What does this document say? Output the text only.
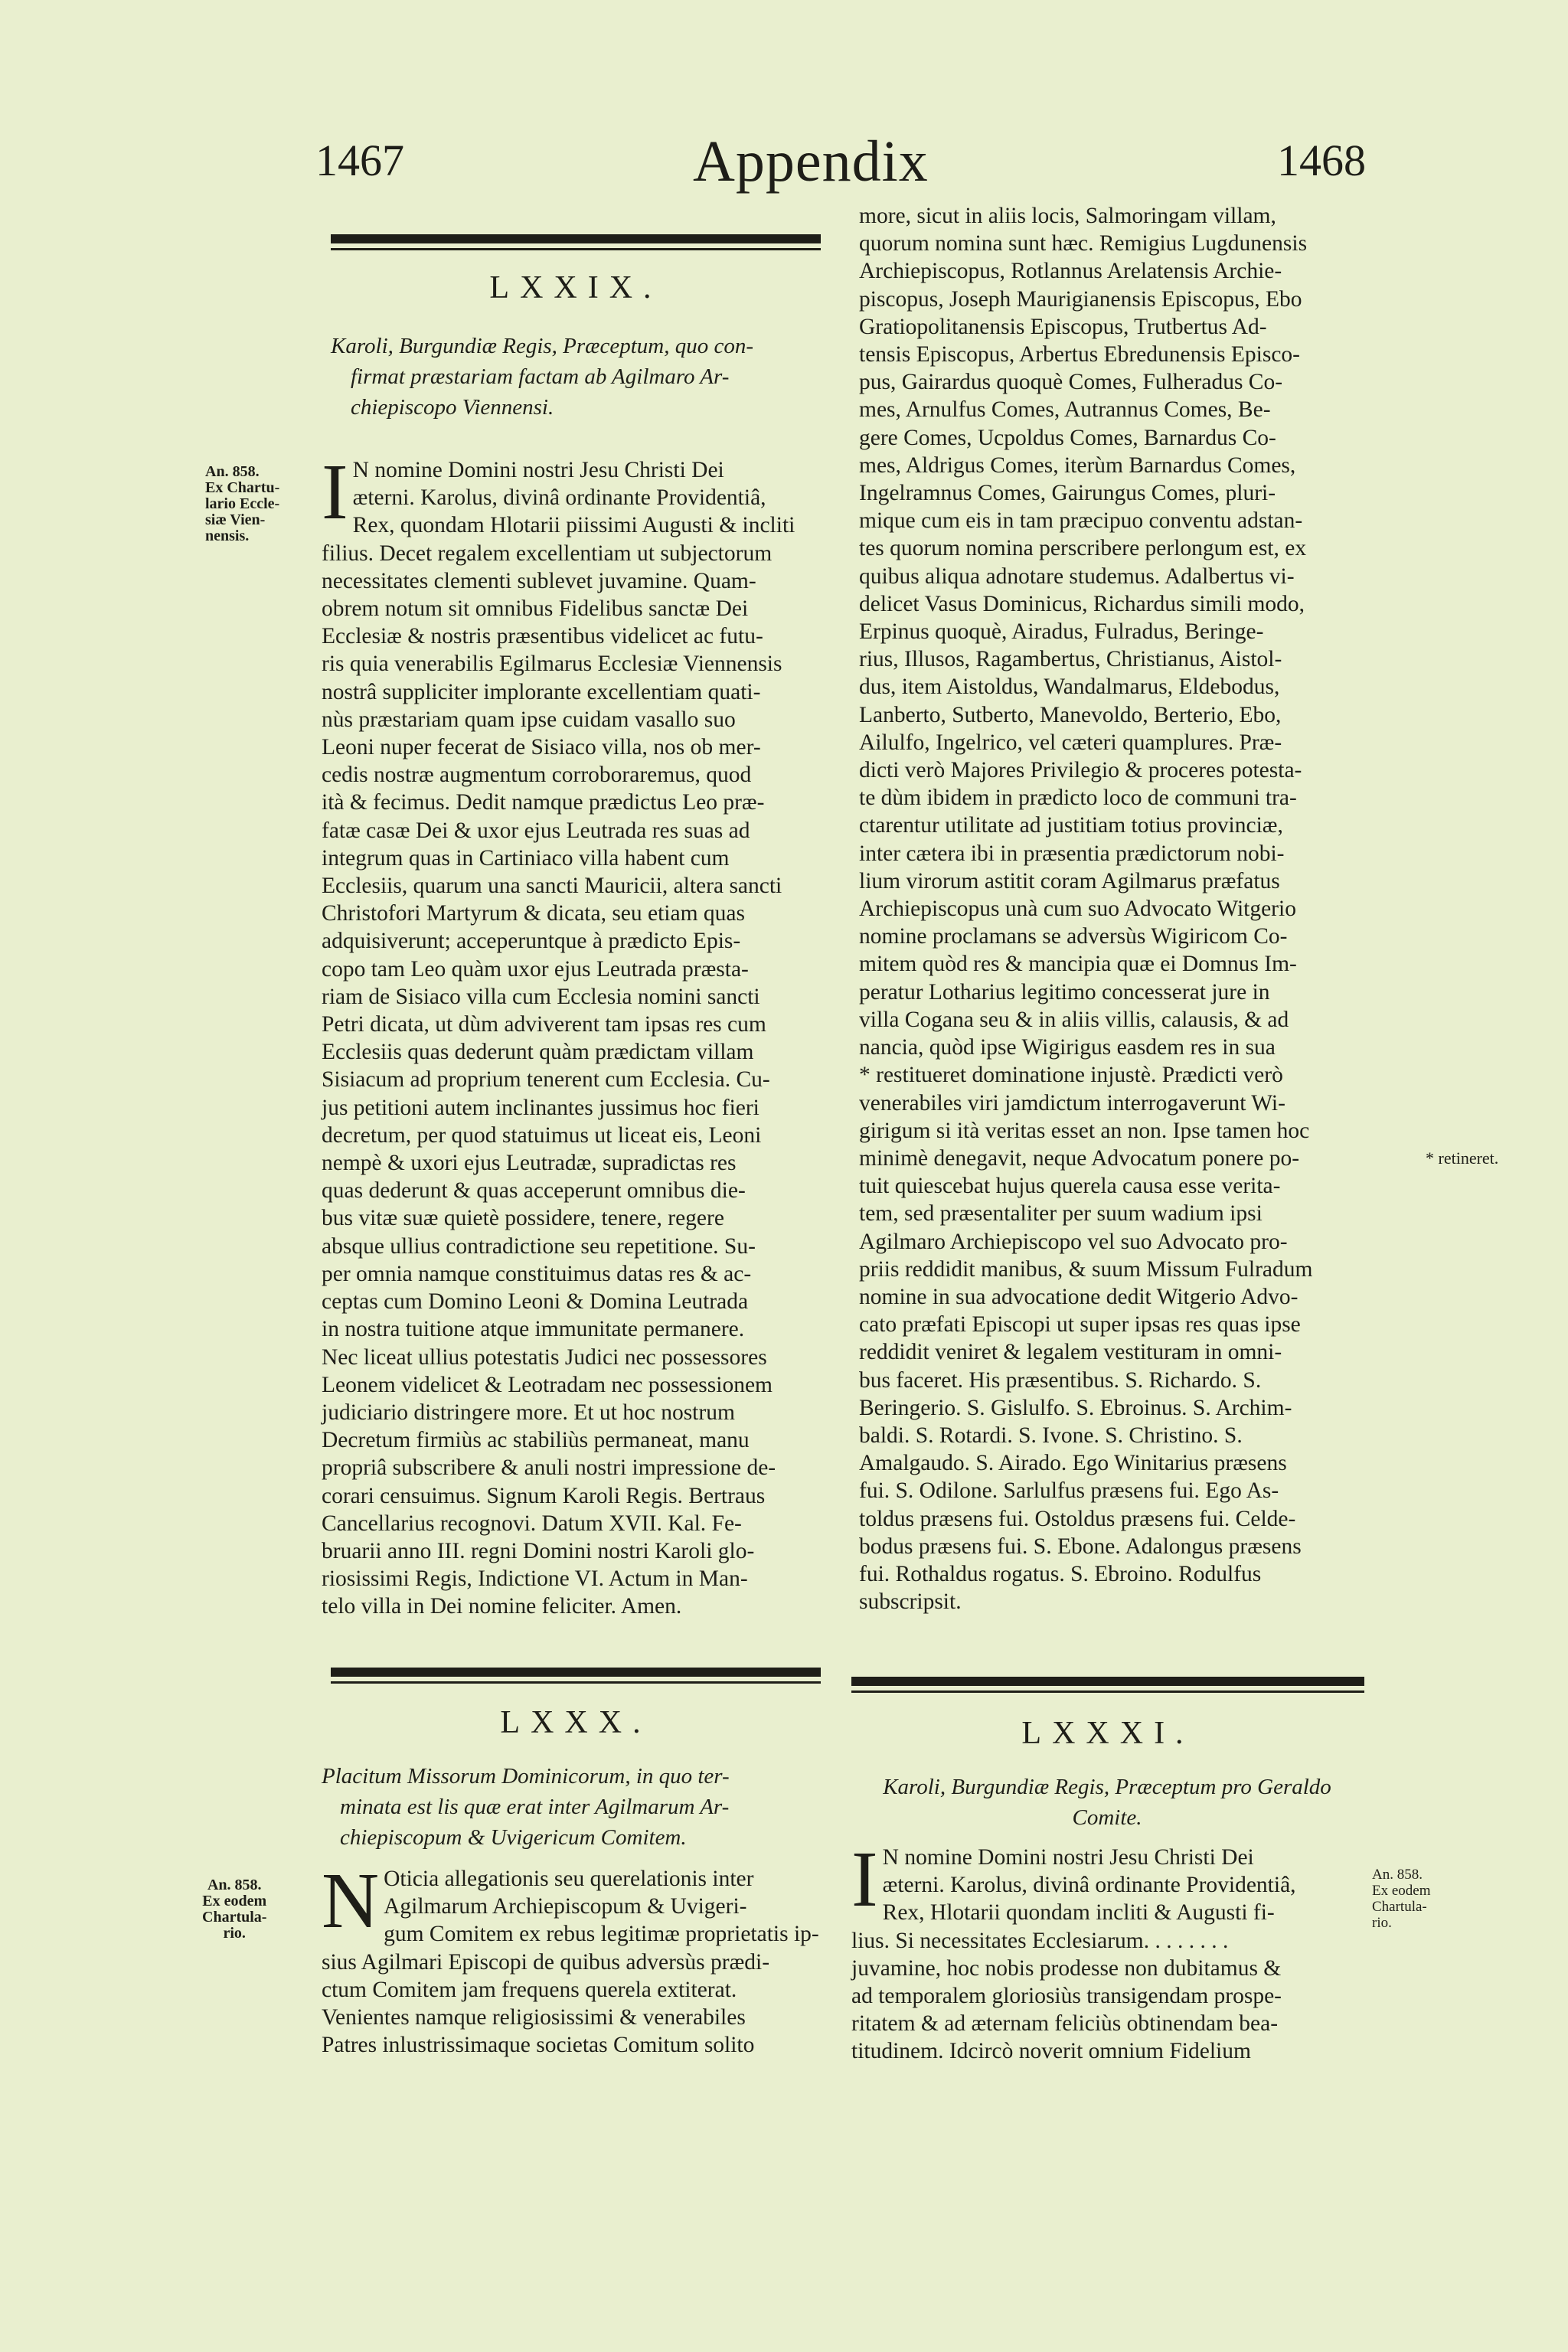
1467	Appendix	1468
LXXIX.
Karoli, Burgundiæ Regis, Præceptum, quo con-
firmat præstariam factam ab Agilmaro Ar-
chiepiscopo Viennensi.

An. 858.

Ex Chartu-

lario Eccle-

siæ Vien-

nensis. I N nomine Domini nostri Jesu Christi Dei

æterni. Karolus, divinâ ordinante Providentiâ,

Rex, quondam Hlotarii piissimi Augusti & incliti

filius. Decet regalem excellentiam ut subjectorum

necessitates clementi sublevet juvamine. Quam-

obrem notum sit omnibus Fidelibus sanctæ Dei

Ecclesiæ & nostris præsentibus videlicet ac futu-

ris quia venerabilis Egilmarus Ecclesiæ Viennensis

nostrâ suppliciter implorante excellentiam quati-

nùs præstariam quam ipse cuidam vasallo suo

Leoni nuper fecerat de Sisiaco villa, nos ob mer-

cedis nostræ augmentum corroboraremus, quod

ità & fecimus. Dedit namque prædictus Leo præ-

fatæ casæ Dei & uxor ejus Leutrada res suas ad

integrum quas in Cartiniaco villa habent cum

Ecclesiis, quarum una sancti Mauricii, altera sancti

Christofori Martyrum & dicata, seu etiam quas

adquisiverunt; acceperuntque à prædicto Epis-

copo tam Leo quàm uxor ejus Leutrada præsta-

riam de Sisiaco villa cum Ecclesia nomini sancti

Petri dicata, ut dùm adviverent tam ipsas res cum

Ecclesiis quas dederunt quàm prædictam villam

Sisiacum ad proprium tenerent cum Ecclesia. Cu-

jus petitioni autem inclinantes jussimus hoc fieri

decretum, per quod statuimus ut liceat eis, Leoni

nempè & uxori ejus Leutradæ, supradictas res

quas dederunt & quas acceperunt omnibus die-

bus vitæ suæ quietè possidere, tenere, regere

absque ullius contradictione seu repetitione. Su-

per omnia namque constituimus datas res & ac-

ceptas cum Domino Leoni & Domina Leutrada

in nostra tuitione atque immunitate permanere.

Nec liceat ullius potestatis Judici nec possessores

Leonem videlicet & Leotradam nec possessionem

judiciario distringere more. Et ut hoc nostrum

Decretum firmiùs ac stabiliùs permaneat, manu

propriâ subscribere & anuli nostri impressione de-

corari censuimus. Signum Karoli Regis. Bertraus

Cancellarius recognovi. Datum XVII. Kal. Fe-

bruarii anno III. regni Domini nostri Karoli glo-

riosissimi Regis, Indictione VI. Actum in Man-

telo villa in Dei nomine feliciter. Amen.

more, sicut in aliis locis, Salmoringam villam,

quorum nomina sunt hæc. Remigius Lugdunensis

Archiepiscopus, Rotlannus Arelatensis Archie-

piscopus, Joseph Maurigianensis Episcopus, Ebo

Gratiopolitanensis Episcopus, Trutbertus Ad-

tensis Episcopus, Arbertus Ebredunensis Episco-

pus, Gairardus quoquè Comes, Fulheradus Co-

mes, Arnulfus Comes, Autrannus Comes, Be-

gere Comes, Ucpoldus Comes, Barnardus Co-

mes, Aldrigus Comes, iterùm Barnardus Comes,

Ingelramnus Comes, Gairungus Comes, pluri-

mique cum eis in tam præcipuo conventu adstan-

tes quorum nomina perscribere perlongum est, ex

quibus aliqua adnotare studemus. Adalbertus vi-

delicet Vasus Dominicus, Richardus simili modo,

Erpinus quoquè, Airadus, Fulradus, Beringe-

rius, Illusos, Ragambertus, Christianus, Aistol-

dus, item Aistoldus, Wandalmarus, Eldebodus,

Lanberto, Sutberto, Manevoldo, Berterio, Ebo,

Ailulfo, Ingelrico, vel cæteri quamplures. Præ-

dicti verò Majores Privilegio & proceres potesta-

te dùm ibidem in prædicto loco de communi tra-

ctarentur utilitate ad justitiam totius provinciæ,

inter cætera ibi in præsentia prædictorum nobi-

lium virorum astitit coram Agilmarus præfatus

Archiepiscopus unà cum suo Advocato Witgerio

nomine proclamans se adversùs Wigiricom Co-

mitem quòd res & mancipia quæ ei Domnus Im-

peratur Lotharius legitimo concesserat jure in

villa Cogana seu & in aliis villis, calausis, & ad

nancia, quòd ipse Wigirigus easdem res in sua

* restitueret dominatione injustè. Prædicti verò

venerabiles viri jamdictum interrogaverunt Wi-

girigum si ità veritas esset an non. Ipse tamen hoc

minimè denegavit, neque Advocatum ponere po-

tuit quiescebat hujus querela causa esse verita-

tem, sed præsentaliter per suum wadium ipsi

Agilmaro Archiepiscopo vel suo Advocato pro-

priis reddidit manibus, & suum Missum Fulradum

nomine in sua advocatione dedit Witgerio Advo-

cato præfati Episcopi ut super ipsas res quas ipse

reddidit veniret & legalem vestituram in omni-

bus faceret. His præsentibus. S. Richardo. S.

Beringerio. S. Gislulfo. S. Ebroinus. S. Archim-

baldi. S. Rotardi. S. Ivone. S. Christino. S.

Amalgaudo. S. Airado. Ego Winitarius præsens

fui. S. Odilone. Sarlulfus præsens fui. Ego As-

toldus præsens fui. Ostoldus præsens fui. Celde-

bodus præsens fui. S. Ebone. Adalongus præsens

fui. Rothaldus rogatus. S. Ebroino. Rodulfus

subscripsit.

* retineret.
LXXX.
Placitum Missorum Dominicorum, in quo ter-
minata est lis quæ erat inter Agilmarum Ar-
chiepiscopum & Uvigericum Comitem.

An. 858.

Ex eodem

Chartula-

rio. N Oticia allegationis seu querelationis inter

Agilmarum Archiepiscopum & Uvigeri-

gum Comitem ex rebus legitimæ proprietatis ip-

sius Agilmari Episcopi de quibus adversùs prædi-

ctum Comitem jam frequens querela extiterat.

Venientes namque religiosissimi & venerabiles

Patres inlustrissimaque societas Comitum solito

LXXXI.
Karoli, Burgundiæ Regis, Præceptum pro Geraldo
Comite.

An. 858.

Ex eodem

Chartula-

rio.

I N nomine Domini nostri Jesu Christi Dei

æterni. Karolus, divinâ ordinante Providentiâ,

Rex, Hlotarii quondam incliti & Augusti fi-

lius. Si necessitates Ecclesiarum. . . . . . . .

juvamine, hoc nobis prodesse non dubitamus &

ad temporalem gloriosiùs transigendam prospe-

ritatem & ad æternam feliciùs obtinendam bea-

titudinem. Idcircò noverit omnium Fidelium
